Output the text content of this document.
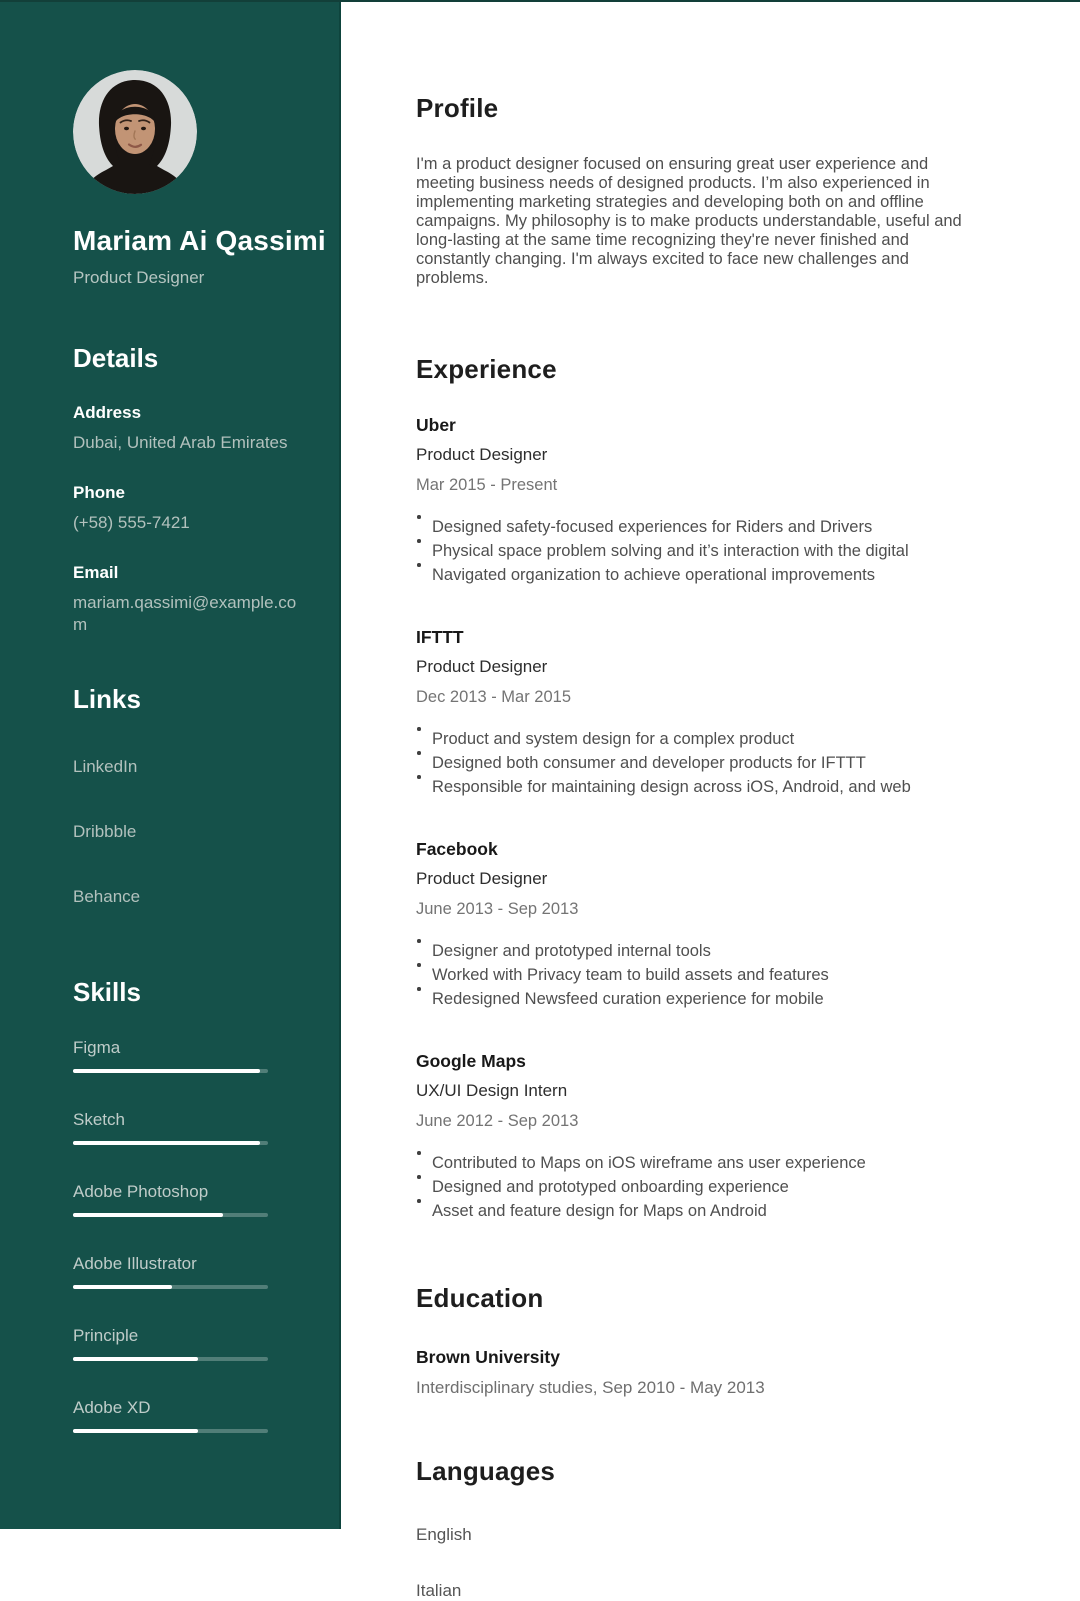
Mariam Ai Qassimi
Product Designer
Details
Address
Dubai, United Arab Emirates
Phone
(+58) 555-7421
Email
mariam.qassimi@example.com
Links
LinkedIn
Dribbble
Behance
Skills
Figma
Sketch
Adobe Photoshop
Adobe Illustrator
Principle
Adobe XD
Profile

I'm a product designer focused on ensuring great user experience and meeting business needs of designed products. I’m also experienced in implementing marketing strategies and developing both on and offline campaigns. My philosophy is to make products understandable, useful and long-lasting at the same time recognizing they're never finished and constantly changing. I'm always excited to face new challenges and problems.

Experience
Uber
Product Designer
Mar 2015 - Present
Designed safety-focused experiences for Riders and Drivers
Physical space problem solving and it’s interaction with the digital
Navigated organization to achieve operational improvements
IFTTT
Product Designer
Dec 2013 - Mar 2015
Product and system design for a complex product
Designed both consumer and developer products for IFTTT
Responsible for maintaining design across iOS, Android, and web
Facebook
Product Designer
June 2013 - Sep 2013
Designer and prototyped internal tools
Worked with Privacy team to build assets and features
Redesigned Newsfeed curation experience for mobile
Google Maps
UX/UI Design Intern
June 2012 - Sep 2013
Contributed to Maps on iOS wireframe ans user experience
Designed and prototyped onboarding experience
Asset and feature design for Maps on Android
Education
Brown University
Interdisciplinary studies, Sep 2010 - May 2013
Languages
English
Italian
